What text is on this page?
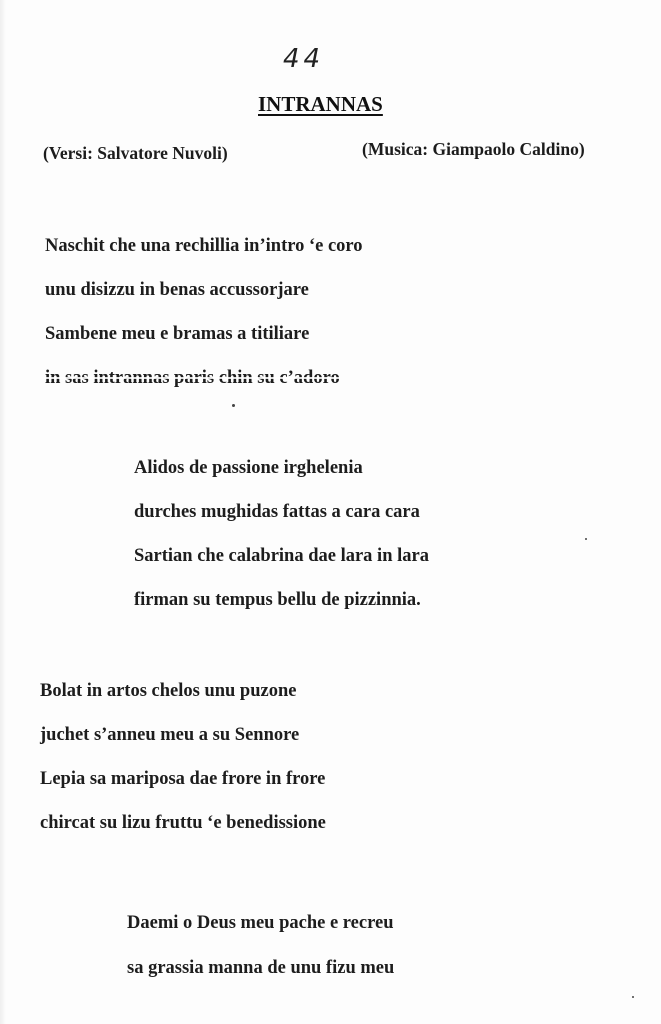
44
INTRANNAS
(Versi: Salvatore Nuvoli)	(Musica: Giampaolo Caldino)
Naschit che una rechillia in’intro ‘e coro
unu disizzu in benas accussorjare
Sambene meu e bramas a titiliare
in sas intrannas paris chin su c’adoro
Alidos de passione irghelenia
durches mughidas fattas a cara cara
Sartian che calabrina dae lara in lara
firman su tempus bellu de pizzinnia.
Bolat in artos chelos unu puzone
juchet s’anneu meu a su Sennore
Lepia sa mariposa dae frore in frore
chircat su lizu fruttu ‘e benedissione
Daemi o Deus meu pache e recreu
sa grassia manna de unu fizu meu
